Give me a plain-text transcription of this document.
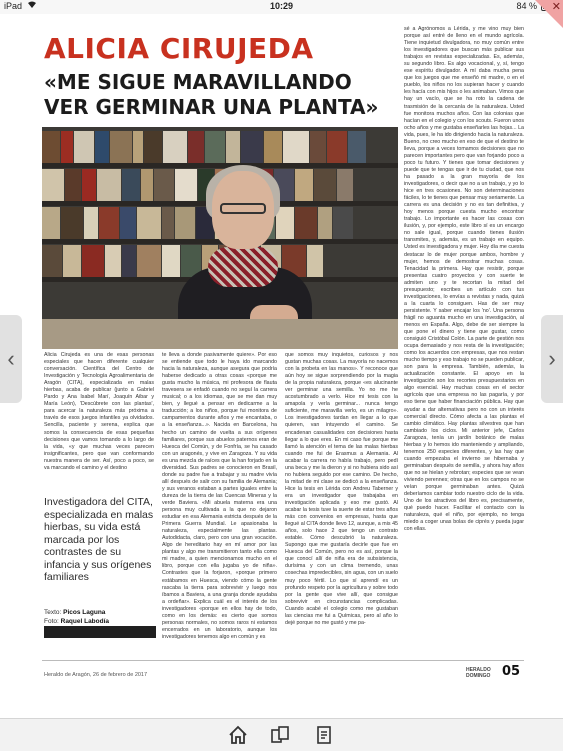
iPad	10:29	84 % ✕
ALICIA CIRUJEDA
«ME SIGUE MARAVILLANDO VER GERMINAR UNA PLANTA»

Alicia Cirujeda es una de esas personas especiales que hacen diferente cualquier conversación. Científica del Centro de Investigación y Tecnología Agroalimentaria de Aragón (CITA), especializada en malas hierbas, acaba de publicar (junto a Gabriel Pardo y Ana Isabel Marí, Joaquín Aibar y María León), 'Descúbrete con las plantas', para acercar la naturaleza más próxima a través de esos juegos infantiles ya olvidados. Sencilla, paciente y serena, explica que somos la consecuencia de esas pequeñas decisiones que vamos tomando a lo largo de la vida, «y que muchas veces parecen insignificantes, pero que van conformando nuestra manera de ser. Así, poco a poco, se va marcando el camino y el destino

te lleva a donde pasivamente quiere». Por eso se entiende que todo le haya ido marcando hacia la naturaleza, aunque asegura que podría haberse dedicado a otras cosas «porque me gusta mucho la música, mi profesora de flauta travesera se enfadó cuando no seguí la carrera musical; o a los idiomas, que se me dan muy bien, y llegué a pensar en dedicarme a la traducción; a los niños, porque fui monitora de campamentos durante años y me encantaba, o a la enseñanza...». Nacida en Barcelona, ha hecho un camino de vuelta a sus orígenes familiares, porque sus abuelos paternos eran de Huesca del Común, y de Fonfría, se ha casado con un aragonés, y vive en Zaragoza. Y su vida es una mezcla de raíces que la han forjado en la diversidad. Sus padres se conocieron en Brasil, donde su padre fue a trabajar y su madre vivía allí después de salir con su familia de Alemania; y sus veranos estaban a partes iguales entre la dureza de la tierra de las Cuencas Mineras y la verde Baviera. «Mi abuela materna era una persona muy cultivada a la que no dejaron estudiar en esa Alemania estricta después de la Primera Guerra Mundial. Le apasionaba la naturaleza, especialmente las plantas. Autodidacta, claro, pero con una gran vocación. Algo de hereditario hay en mí amor por las plantas y algo me transmitieron tanto ella como mi madre, a quien mencionamos mucho en el libro, porque con ella jugaba yo de niña». Contrastes que la forjaron, «porque primero estábamos en Huesca, viendo cómo la gente rascaba la tierra para sobrevivir y luego nos íbamos a Baviera, a una granja donde ayudaba a ordeñar». Explica cuál es el interés de los investigadores «porque en ellos hay de todo, como en los demás: es cierto que somos personas normales, no somos raros ni estamos encerrados en un laboratorio, aunque los investigadores tenemos algo en común y es

que somos muy inquietos, curiosos y nos gustan muchas cosas. La mayoría no nacemos con la probeta en las manos». Y reconoce que aún hoy se sigue sorprendiendo por la magia de la propia naturaleza, porque «es alucinante ver germinar una semilla. Yo no me he acostumbrado a verlo. Hice mi tesis con la amapola y verla germinar... nunca tengo suficiente, me maravilla verlo, es un milagro». Los investigadores tardan en llegar a lo que quieren, van intuyendo el camino. Se encadenan casualidades con decisiones hasta llegar a lo que eres. En mi caso fue porque me llamó la atención el tema de las malas hierbas cuando me fui de Erasmus a Alemania. Al acabar la carrera no había trabajo, pero pedí una beca y me la dieron y si no hubiera sido así no hubiera seguido por ese camino. De hecho, la mitad de mi clase se dedicó a la enseñanza. Hice la tesis en Lérida con Andreu Taberner y era un investigador que trabajaba en investigación aplicada y eso me gustó. Al acabar la tesis tuve la suerte de estar tres años más con convenios en empresas, hasta que llegué al CITA donde llevo 12, aunque, a mis 45 años, solo hace 2 que tengo un contrato estable. Cómo descubrió la naturaleza. Supongo que me gustaría decirle que fue en Huesca del Común, pero no es así, porque la que conocí allí de niña era de subsistencia, durísima y con un clima tremendo, unas cosechas impredecibles, sin agua, con un suelo muy poco fértil. Lo que sí aprendí es un profundo respeto por la agricultura y sobre todo por la gente que vive allí, que consigue sobrevivir en circunstancias complicadas. Cuando acabé el colegio como me gustaban las ciencias me fui a Químicas, pero al año lo dejé porque no me gustó y me pa-

sé a Agrónomos a Lérida, y me vino muy bien porque así entré de lleno en el mundo agrícola. Tiene inquietud divulgadora, no muy común entre los investigadores que buscan más publicar sus trabajos en revistas especializadas. Es, además, su segundo libro. Es algo vocacional, y, sí, tengo ese espíritu divulgador. A mí daba mucha pena que los juegos que me enseñó mi madre, o en el pueblo, los niños no los supieran hacer y cuando les hacía con mis hijos o les animaban. Vimos que hay un vacío, que se ha roto la cadena de trasmisión de la cercanía de la naturaleza. Usted fue monitora muchos años. Con las colonias que hacían en el colegio y con los scouts. Fueron unos ocho años y me gustaba enseñarles las hojas... La vida, pues, le ha ido dirigiendo hacia la naturaleza. Bueno, no creo mucho en eso de que el destino te lleva, porque a veces tomamos decisiones que no parecen importantes pero que van forjando poco a poco tu futuro. Y tienes que tomar decisiones y puede que te tengas que ir de tu ciudad, que nos ha pasado a la gran mayoría de los investigadores, o decir que no a un trabajo, y yo lo hice en tres ocasiones. No son determinaciones fáciles, lo te tienes que pensar muy seriamente. La carrera es una decisión y no es tan definitiva, y hoy menos porque cuesta mucho encontrar trabajo. Lo importante es hacer las cosas con ilusión, y, por ejemplo, este libro sí es un encargo no sale igual, porque cuando tienes ilusión transmites, y, además, es un trabajo en equipo. Usted es investigadora y mujer. Hoy día me cuesta destacar lo de mujer porque ambos, hombre y mujer, hemos de demostrar muchas cosas. Tenacidad la primera. Hay que resistir, porque presentas cuatro proyectos y con suerte te admiten uno y te recortan la mitad del presupuesto; escribes un artículo con tus investigaciones, lo envías a revistas y nada, quizá a la cuarta lo consiguen. Has de ser muy persistente. Y saber encajar los 'no'. Una persona frágil no aguanta mucho en una investigación, al menos en España. Algo, debe de ser siempre la que pone el dinero y tiene que gustar, como consiguió Cristóbal Colón. La parte de gestión nos ocupa demasiado y nos resta de la investigación; como los acuerdos con empresas, que nos restan mucho tiempo y eso trabajo no se pueden publicar, son para la empresa. También, además, la actualización constante. El apoyo en la investigación son los recortes presupuestarios en algo esencial. Hay muchas cosas en el sector agrícola que una empresa no las pagaría, y por eso tiene que haber financiación pública. Hay que ayudar a dar alternativas pero no con un interés comercial directo. Cómo afecta a las plantas el cambio climático. Hay plantas silvestres que han cambiado los ciclos. Mi anterior jefe, Carlos Zaragoza, tenía un jardín botánico de malas hierbas y lo hemos ido manteniendo y ampliando, tenemos 250 especies diferentes, y las hay que cuando empezaba el invierno se hibernaba y germinaban después de semilla, y ahora hay años que no se hielan y rebrotan; especies que se vean viviendo perennes; otras que en los campos no se veían porque germinaban antes. Quizá deberíamos cambiar todo nuestro ciclo de la vida. Uno de los atractivos del libro es, precisamente, qué puedo hacer. Facilitar el contacto con la naturaleza, qué el niño, por ejemplo, no tenga miedo a coger unas bolas de ciprés y pueda jugar con ellas.

Investigadora del CITA, especializada en malas hierbas, su vida está marcada por los contrastes de su infancia y sus orígenes familiares
Texto: Picos Laguna
Foto: Raquel Labodía
Heraldo de Aragón, 26 de febrero de 2017
HERALDO DOMINGO 05
‹	›
